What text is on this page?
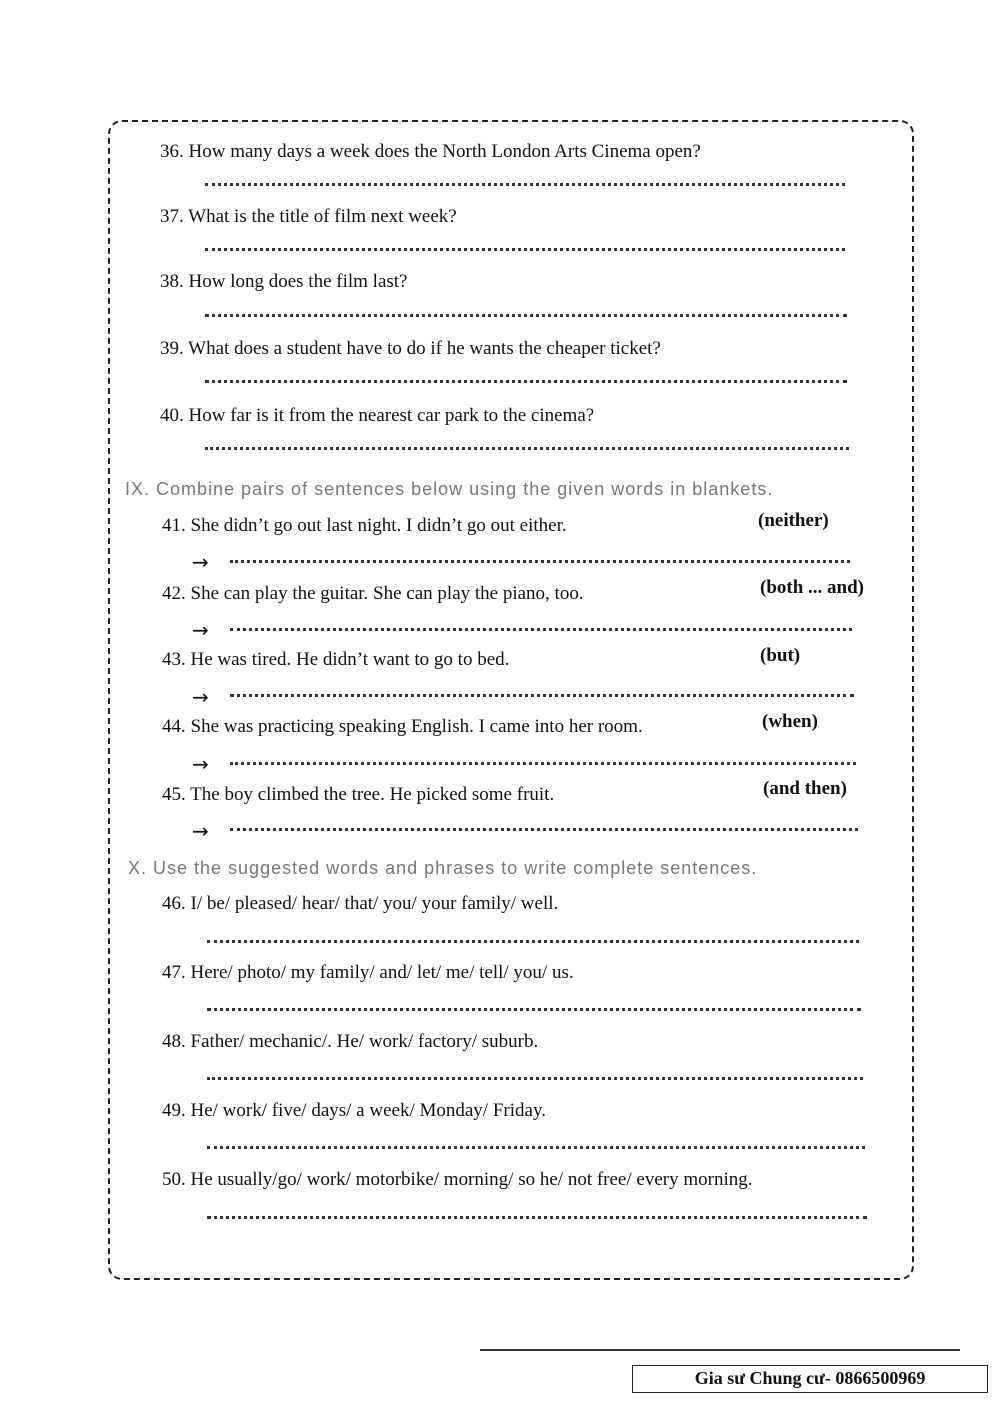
36. How many days a week does the North London Arts Cinema open?
37. What is the title of film next week?
38. How long does the film last?
39. What does a student have to do if he wants the cheaper ticket?
40. How far is it from the nearest car park to the cinema?
IX. Combine pairs of sentences below using the given words in blankets.
41. She didn’t go out last night. I didn’t go out either.	(neither)
→
42. She can play the guitar. She can play the piano, too.	(both ... and)
→
43. He was tired. He didn’t want to go to bed.	(but)
→
44. She was practicing speaking English. I came into her room.	(when)
→
45. The boy climbed the tree. He picked some fruit.	(and then)
→
X. Use the suggested words and phrases to write complete sentences.
46. I/ be/ pleased/ hear/ that/ you/ your family/ well.
47. Here/ photo/ my family/ and/ let/ me/ tell/ you/ us.
48. Father/ mechanic/. He/ work/ factory/ suburb.
49. He/ work/ five/ days/ a week/ Monday/ Friday.
50. He usually/go/ work/ motorbike/ morning/ so he/ not free/ every morning.
Gia sư Chung cư- 0866500969
